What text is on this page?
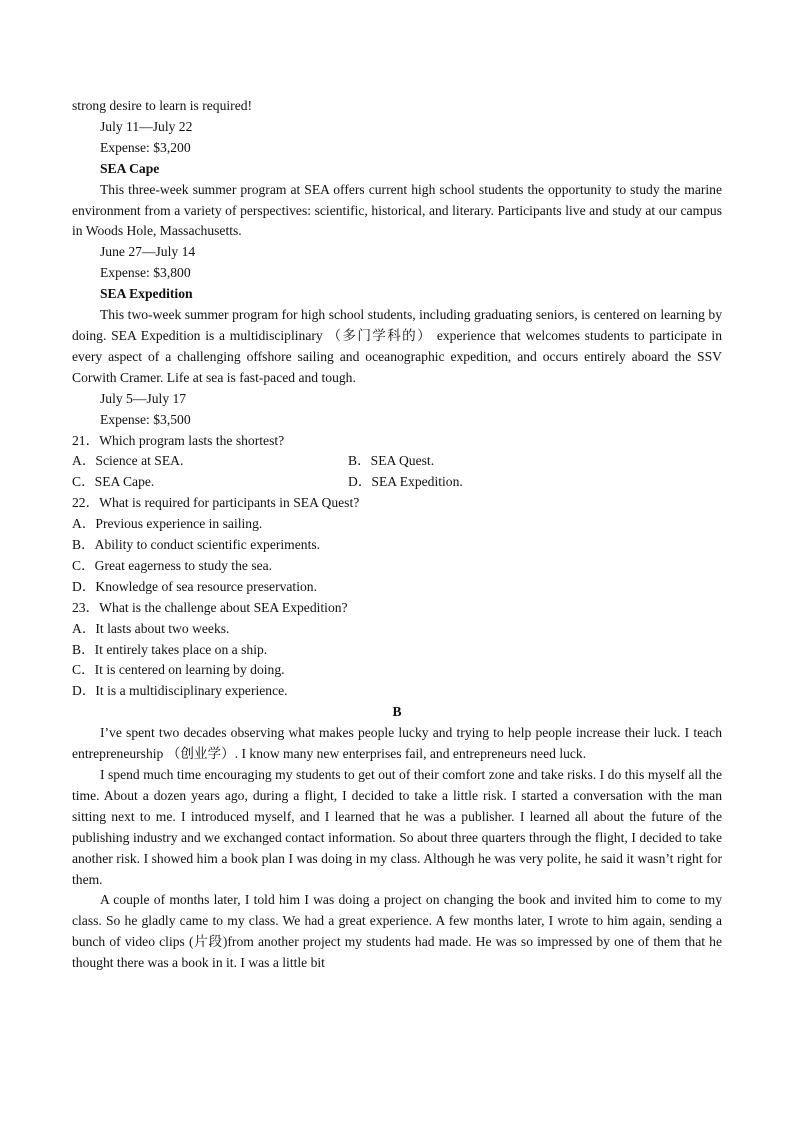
strong desire to learn is required!

July 11—July 22

Expense: $3,200

SEA Cape

This three-week summer program at SEA offers current high school students the opportunity to study the marine environment from a variety of perspectives: scientific, historical, and literary. Participants live and study at our campus in Woods Hole, Massachusetts.

June 27—July 14

Expense: $3,800

SEA Expedition

This two-week summer program for high school students, including graduating seniors, is centered on learning by doing. SEA Expedition is a multidisciplinary （多门学科的） experience that welcomes students to participate in every aspect of a challenging offshore sailing and oceanographic expedition, and occurs entirely aboard the SSV Corwith Cramer. Life at sea is fast-paced and tough.

July 5—July 17

Expense: $3,500

21．Which program lasts the shortest?

A．Science at SEA.	B．SEA Quest.
C．SEA Cape.	D．SEA Expedition.

22．What is required for participants in SEA Quest?

A．Previous experience in sailing.

B．Ability to conduct scientific experiments.

C．Great eagerness to study the sea.

D．Knowledge of sea resource preservation.

23．What is the challenge about SEA Expedition?

A．It lasts about two weeks.

B．It entirely takes place on a ship.

C．It is centered on learning by doing.

D．It is a multidisciplinary experience.

B

I’ve spent two decades observing what makes people lucky and trying to help people increase their luck. I teach entrepreneurship （创业学）. I know many new enterprises fail, and entrepreneurs need luck.

I spend much time encouraging my students to get out of their comfort zone and take risks. I do this myself all the time. About a dozen years ago, during a flight, I decided to take a little risk. I started a conversation with the man sitting next to me. I introduced myself, and I learned that he was a publisher. I learned all about the future of the publishing industry and we exchanged contact information. So about three quarters through the flight, I decided to take another risk. I showed him a book plan I was doing in my class. Although he was very polite, he said it wasn’t right for them.

A couple of months later, I told him I was doing a project on changing the book and invited him to come to my class. So he gladly came to my class. We had a great experience. A few months later, I wrote to him again, sending a bunch of video clips (片段)from another project my students had made. He was so impressed by one of them that he thought there was a book in it. I was a little bit
